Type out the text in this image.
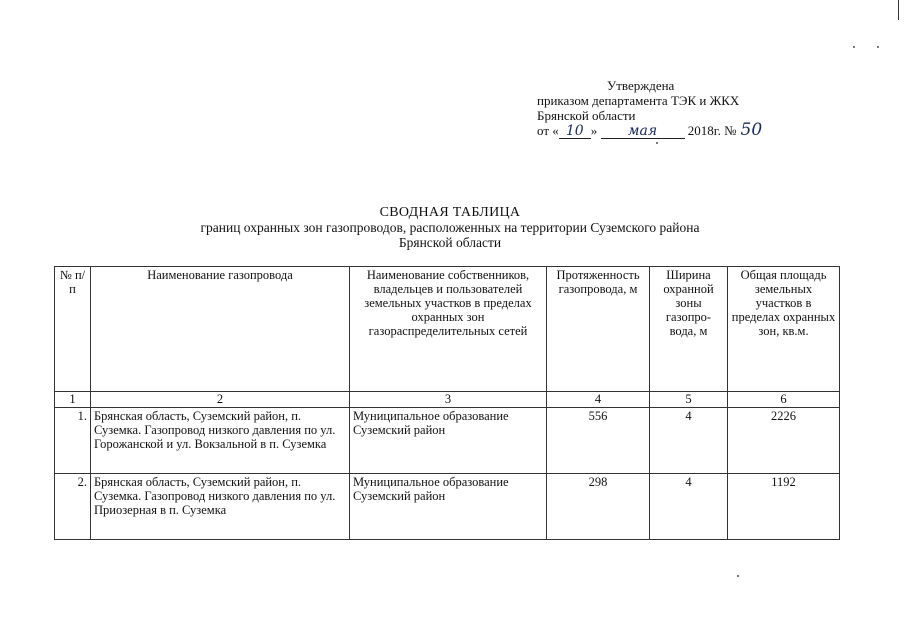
Утверждена
приказом департамента ТЭК и ЖКХ
Брянской области
от « 10 » мая 2018г. № 50
СВОДНАЯ ТАБЛИЦА
границ охранных зон газопроводов, расположенных на территории Суземского района
Брянской области
№ п/п	Наименование газопровода	Наименование собственников, владельцев и пользователей земельных участков в пределах охранных зон газораспределительных сетей	Протяженность газопровода, м	Ширина охранной зоны газопро-вода, м	Общая площадь земельных участков в пределах охранных зон, кв.м.
1	2	3	4	5	6
1.	Брянская область, Суземский район, п. Суземка. Газопровод низкого давления по ул. Горожанской и ул. Вокзальной в п. Суземка	Муниципальное образование Суземский район	556	4	2226
2.	Брянская область, Суземский район, п. Суземка. Газопровод низкого давления по ул. Приозерная в п. Суземка	Муниципальное образование Суземский район	298	4	1192
